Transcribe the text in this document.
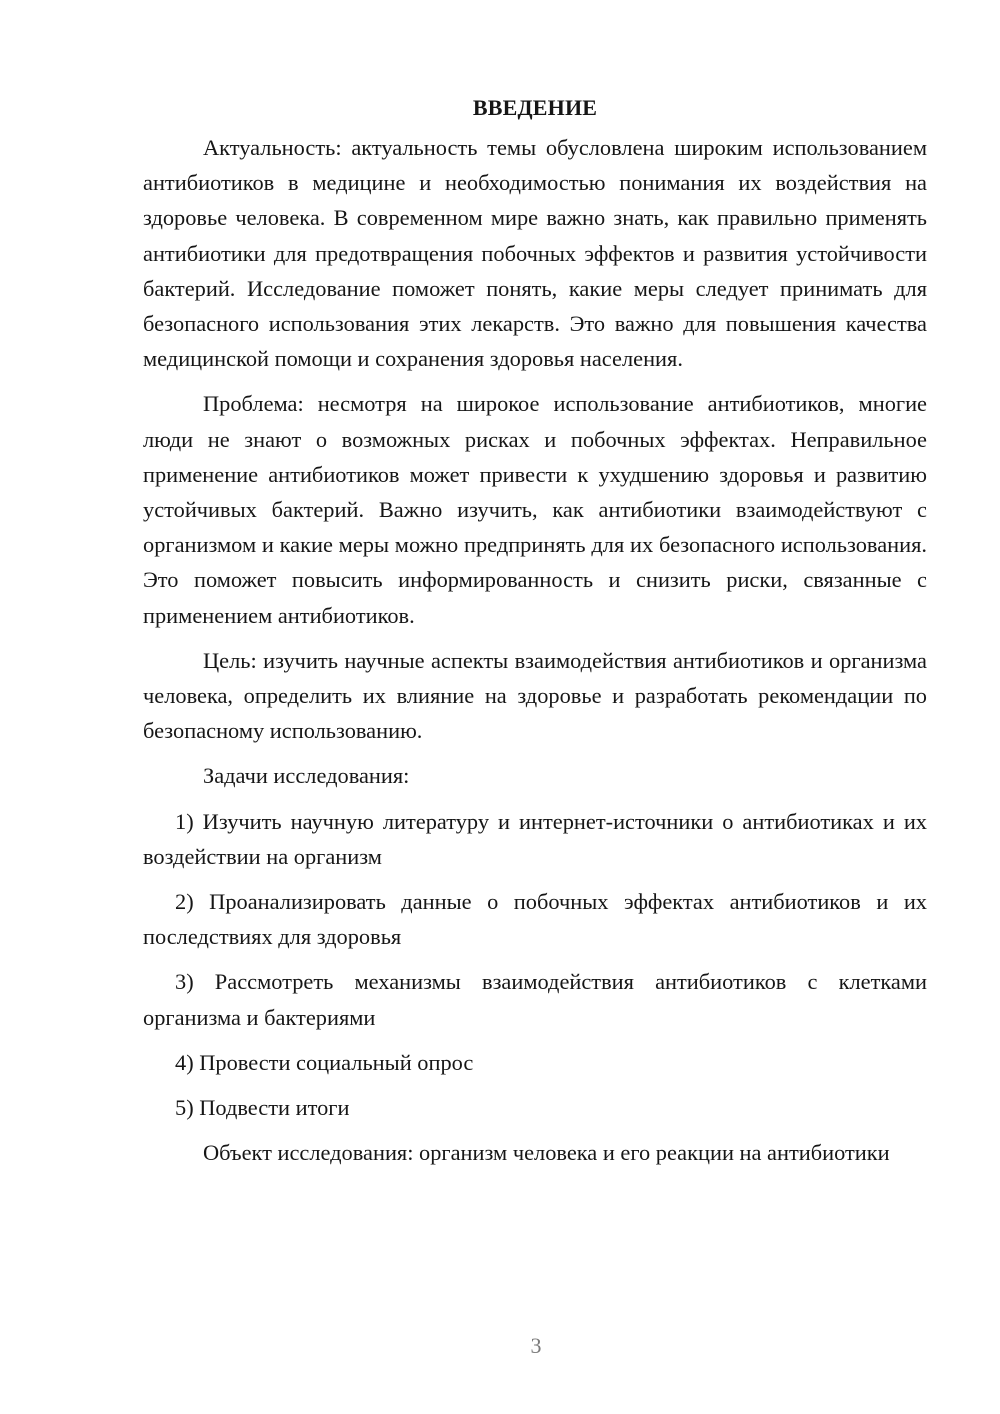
ВВЕДЕНИЕ

Актуальность: актуальность темы обусловлена широким использованием антибиотиков в медицине и необходимостью понимания их воздействия на здоровье человека. В современном мире важно знать, как правильно применять антибиотики для предотвращения побочных эффектов и развития устойчивости бактерий. Исследование поможет понять, какие меры следует принимать для безопасного использования этих лекарств. Это важно для повышения качества медицинской помощи и сохранения здоровья населения.

Проблема: несмотря на широкое использование антибиотиков, многие люди не знают о возможных рисках и побочных эффектах. Неправильное применение антибиотиков может привести к ухудшению здоровья и развитию устойчивых бактерий. Важно изучить, как антибиотики взаимодействуют с организмом и какие меры можно предпринять для их безопасного использования. Это поможет повысить информированность и снизить риски, связанные с применением антибиотиков.

Цель: изучить научные аспекты взаимодействия антибиотиков и организма человека, определить их влияние на здоровье и разработать рекомендации по безопасному использованию.

Задачи исследования:

1) Изучить научную литературу и интернет-источники о антибиотиках и их воздействии на организм

2) Проанализировать данные о побочных эффектах антибиотиков и их последствиях для здоровья

3) Рассмотреть механизмы взаимодействия антибиотиков с клетками организма и бактериями

4) Провести социальный опрос

5) Подвести итоги

Объект исследования: организм человека и его реакции на антибиотики

3
